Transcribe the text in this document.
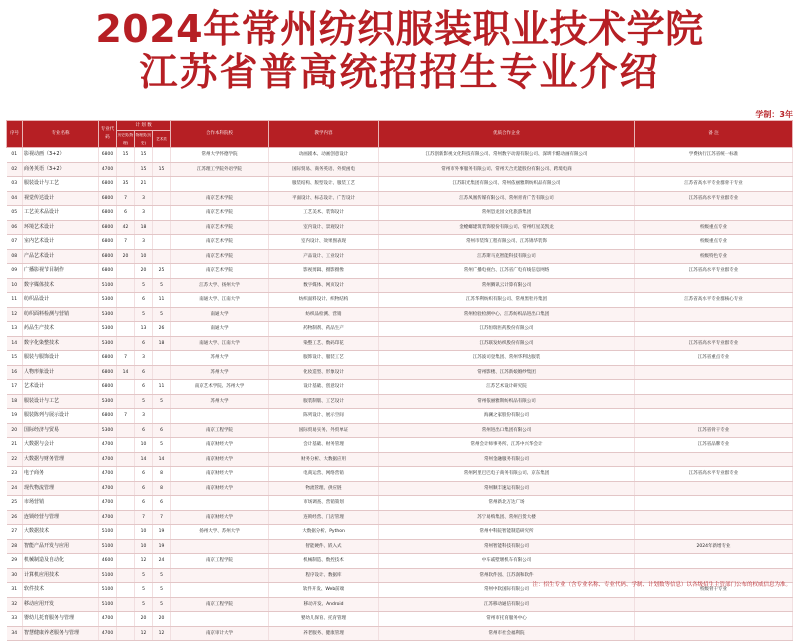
2024年常州纺织服装职业技术学院
江苏省普高统招招生专业介绍
学制：3年
序号	专业名称	专业代码	计 划 数			合作本科院校	教学内容	优质合作企业	备 注
			历史类(物理)	物理类(历史)	艺术类				
01	影视动画（3+2）	6800	15	15		常州大学怀德学院	动画剧本、动画创意设计	江苏创新影视文化科技有限公司、常州数字动漫有限公司、深圳卡酷动画有限公司	学费执行江苏省统一标准
02	商务英语（3+2）	4700		15	15	江苏理工学院外语学院	国际贸易、商务英语、外贸函电	常州市外事服务有限公司、常州天合光能股份有限公司、跨境电商	
03	服装设计与工艺	6800	35	21			服装结构、版型设计、服装工艺	江苏阳光集团有限公司、常州依丽雅斯纺织品有限公司	江苏省高水平专业群骨干专业
04	视觉传达设计	6800	7	3		南京艺术学院	平面设计、标志设计、广告设计	江苏凤凰传媒有限公司、常州青青广告有限公司	江苏省高水平专业群专业
05	工艺美术品设计	6800	6	3		南京艺术学院	工艺美术、装饰设计	常州恐龙园文化旅游集团	
06	环境艺术设计	6800	42	18		南京艺术学院	室内设计、景观设计	金螳螂建筑装饰股份有限公司、常州红星美凯龙	校级重点专业
07	室内艺术设计	6800	7	3		南京艺术学院	室内设计、效果图表现	常州市装饰工程有限公司、江苏锦华装饰	校级重点专业
08	产品艺术设计	6800	20	10		南京艺术学院	产品设计、工业设计	江苏斯马克智能科技有限公司	校级特色专业
09	广播影视节目制作	6800		20	25	南京艺术学院	影视剪辑、摄影摄像	常州广播电视台、江苏省广电有线信息网络	江苏省高水平专业群专业
10	数字媒体技术	5100		5	5	江苏大学、扬州大学	数字媒体、网页设计	常州腾讯云计算有限公司	
11	纺织品设计	5300		6	11	南通大学、江南大学	纺织面料设计、织物结构	江苏华利纺织有限公司、常州黑牡丹集团	江苏省高水平专业群核心专业
12	纺织面料检测与营销	5300		5	5	南通大学	纺织品检测、营销	常州检验检测中心、江苏纺织品进出口集团	
13	药品生产技术	5300		13	26	南通大学	药物制剂、药品生产	江苏恒瑞医药股份有限公司	
14	数字化染整技术	5300		6	18	南通大学、江南大学	染整工艺、数码印花	江苏联发纺织股份有限公司	江苏省高水平专业群专业
15	服装与服饰设计	6800	7	3		苏州大学	服饰设计、服装工艺	江苏波司登集团、常州华利达服装	江苏省重点专业
16	人物形象设计	6800	14	6		苏州大学	化妆造型、形象设计	常州影楼、江苏新娘婚纱集团	
17	艺术设计	6800		6	11	南京艺术学院、苏州大学	设计基础、创意设计	江苏艺术设计研究院	
18	服装设计与工艺	5300		5	5	苏州大学	服装制版、工艺设计	常州依丽雅斯纺织品有限公司	
19	服装陈列与展示设计	6800	7	3			陈列设计、展示空间	海澜之家股份有限公司	
20	国际经济与贸易	5300		6	6	南京工程学院	国际贸易实务、外贸单证	常州进出口集团有限公司	江苏省骨干专业
21	大数据与会计	4700		10	5	南京财经大学	会计基础、财务管理	常州会计师事务所、江苏中兴华会计	江苏省品牌专业
22	大数据与财务管理	4700		14	14	南京财经大学	财务分析、大数据应用	常州金融服务有限公司	
23	电子商务	4700		6	8	南京财经大学	电商运营、网络营销	常州阿里巴巴电子商务有限公司、京东集团	江苏省高水平专业群专业
24	现代物流管理	4700		6	8	南京财经大学	物流管理、供应链	常州顺丰速运有限公司	
25	市场营销	4700		6	6		市场调查、营销策划	常州新北万达广场	
26	连锁经营与管理	4700		7	7	南京财经大学	连锁经营、门店管理	苏宁易购集团、常州百货大楼	
27	大数据技术	5100		10	19	扬州大学、苏州大学	大数据分析、Python	常州中科院智能制造研究所	
28	智能产品开发与应用	5100		10	19		智能硬件、嵌入式	常州智能科技有限公司	2024年新增专业
29	机械制造及自动化	4600		12	24	南京工程学院	机械制造、数控技术	中车戚墅堰机车有限公司	
30	计算机应用技术	5100		5	5		程序设计、数据库	常州软件园、江苏润和软件	
31	软件技术	5100		5	5		软件开发、Web前端	常州中软国际有限公司	校级骨干专业
32	移动应用开发	5100		5	5	南京工程学院	移动开发、Android	江苏移动通信有限公司	
33	婴幼儿托育服务与管理	4700		20	20		婴幼儿保育、托育管理	常州市托育服务中心	
34	智慧健康养老服务与管理	4700		12	12	南京审计大学	养老服务、健康管理	常州市社会福利院	
注：招生专业（含专业名称、专业代码、学制、计划数等信息）以各级招生主管部门公布的权威信息为准。
